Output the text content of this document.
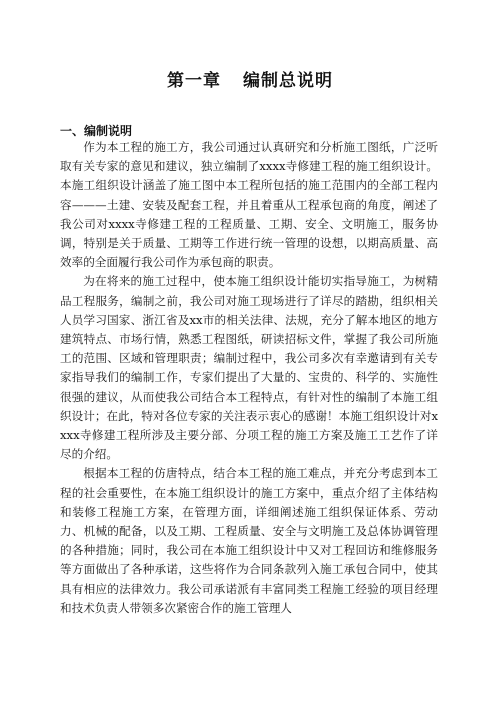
第一章 编制总说明
一、编制说明

作为本工程的施工方，我公司通过认真研究和分析施工图纸，广泛听取有关专家的意见和建议，独立编制了xxxx寺修建工程的施工组织设计。本施工组织设计涵盖了施工图中本工程所包括的施工范围内的全部工程内容———土建、安装及配套工程，并且着重从工程承包商的角度，阐述了我公司对xxxx寺修建工程的工程质量、工期、安全、文明施工，服务协调，特别是关于质量、工期等工作进行统一管理的设想，以期高质量、高效率的全面履行我公司作为承包商的职责。

为在将来的施工过程中，使本施工组织设计能切实指导施工，为树精品工程服务，编制之前，我公司对施工现场进行了详尽的踏勘，组织相关人员学习国家、浙江省及xx市的相关法律、法规，充分了解本地区的地方建筑特点、市场行情，熟悉工程图纸，研读招标文件，掌握了我公司所施工的范围、区域和管理职责；编制过程中，我公司多次有幸邀请到有关专家指导我们的编制工作，专家们提出了大量的、宝贵的、科学的、实施性很强的建议，从而使我公司结合本工程特点，有针对性的编制了本施工组织设计；在此，特对各位专家的关注表示衷心的感谢！本施工组织设计对xxxx寺修建工程所涉及主要分部、分项工程的施工方案及施工工艺作了详尽的介绍。

根据本工程的仿唐特点，结合本工程的施工难点，并充分考虑到本工程的社会重要性，在本施工组织设计的施工方案中，重点介绍了主体结构和装修工程施工方案，在管理方面，详细阐述施工组织保证体系、劳动力、机械的配备，以及工期、工程质量、安全与文明施工及总体协调管理的各种措施；同时，我公司在本施工组织设计中又对工程回访和维修服务等方面做出了各种承诺，这些将作为合同条款列入施工承包合同中，使其具有相应的法律效力。我公司承诺派有丰富同类工程施工经验的项目经理和技术负责人带领多次紧密合作的施工管理人
